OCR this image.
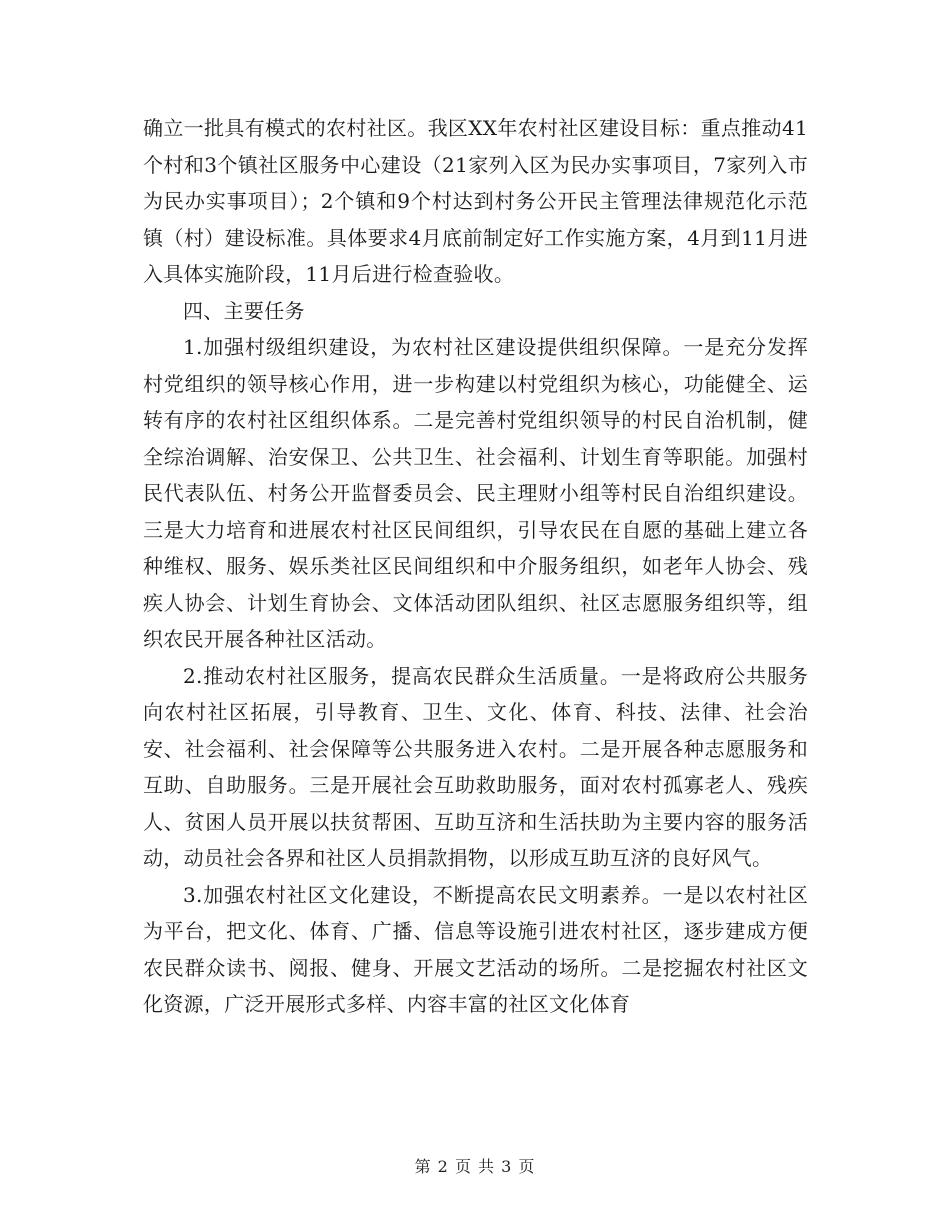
确立一批具有模式的农村社区。我区XX年农村社区建设目标：重点推动41个村和3个镇社区服务中心建设（21家列入区为民办实事项目，7家列入市为民办实事项目）；2个镇和9个村达到村务公开民主管理法律规范化示范镇（村）建设标准。具体要求4月底前制定好工作实施方案，4月到11月进入具体实施阶段，11月后进行检查验收。

四、主要任务

1.加强村级组织建设，为农村社区建设提供组织保障。一是充分发挥村党组织的领导核心作用，进一步构建以村党组织为核心，功能健全、运转有序的农村社区组织体系。二是完善村党组织领导的村民自治机制，健全综治调解、治安保卫、公共卫生、社会福利、计划生育等职能。加强村民代表队伍、村务公开监督委员会、民主理财小组等村民自治组织建设。三是大力培育和进展农村社区民间组织，引导农民在自愿的基础上建立各种维权、服务、娱乐类社区民间组织和中介服务组织，如老年人协会、残疾人协会、计划生育协会、文体活动团队组织、社区志愿服务组织等，组织农民开展各种社区活动。

2.推动农村社区服务，提高农民群众生活质量。一是将政府公共服务向农村社区拓展，引导教育、卫生、文化、体育、科技、法律、社会治安、社会福利、社会保障等公共服务进入农村。二是开展各种志愿服务和互助、自助服务。三是开展社会互助救助服务，面对农村孤寡老人、残疾人、贫困人员开展以扶贫帮困、互助互济和生活扶助为主要内容的服务活动，动员社会各界和社区人员捐款捐物，以形成互助互济的良好风气。

3.加强农村社区文化建设，不断提高农民文明素养。一是以农村社区为平台，把文化、体育、广播、信息等设施引进农村社区，逐步建成方便农民群众读书、阅报、健身、开展文艺活动的场所。二是挖掘农村社区文化资源，广泛开展形式多样、内容丰富的社区文化体育

第 2 页 共 3 页
